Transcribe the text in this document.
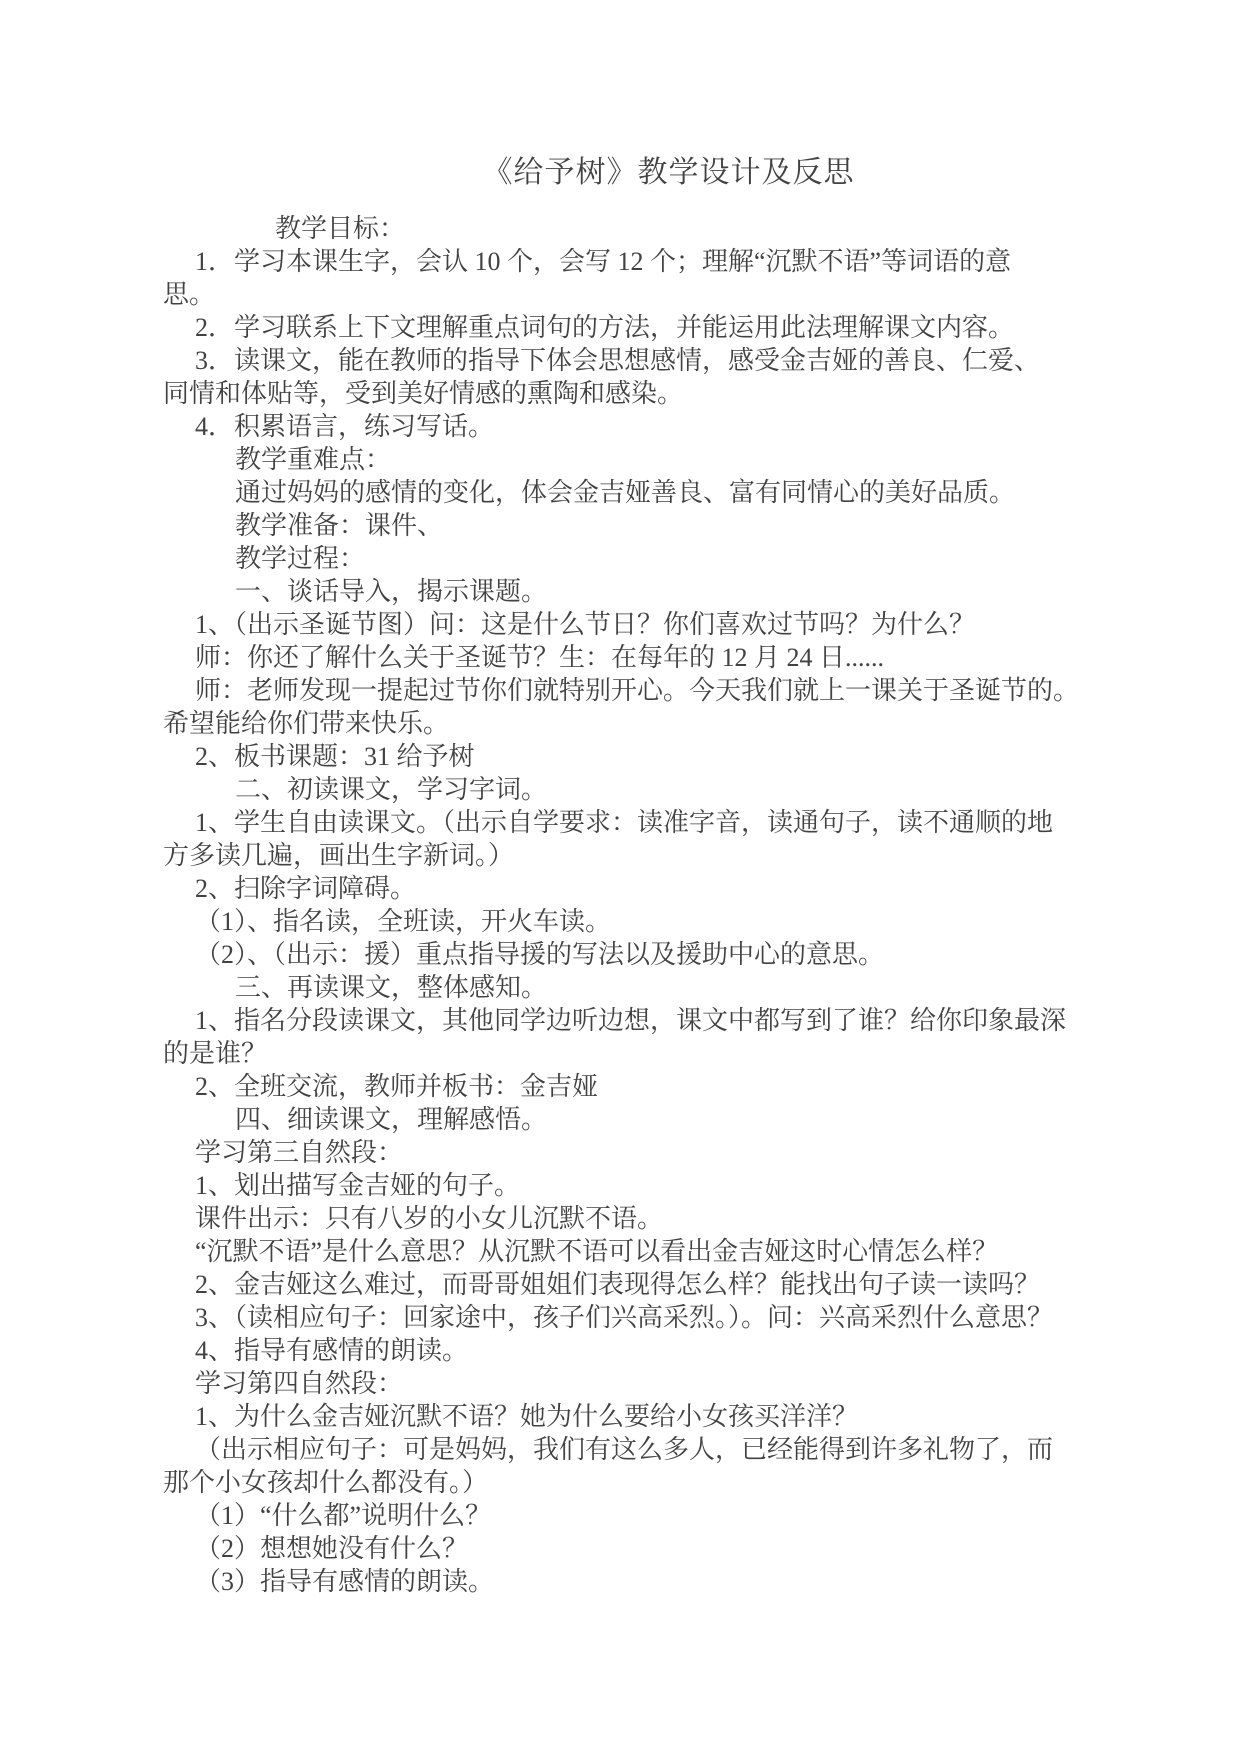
《给予树》教学设计及反思
教学目标：
1．学习本课生字，会认 10 个，会写 12 个；理解“沉默不语”等词语的意
思。
2．学习联系上下文理解重点词句的方法，并能运用此法理解课文内容。
3．读课文，能在教师的指导下体会思想感情，感受金吉娅的善良、仁爱、
同情和体贴等，受到美好情感的熏陶和感染。
4．积累语言，练习写话。
教学重难点：
通过妈妈的感情的变化，体会金吉娅善良、富有同情心的美好品质。
教学准备：课件、
教学过程：
一、谈话导入，揭示课题。
1、（出示圣诞节图）问：这是什么节日？你们喜欢过节吗？为什么？
师：你还了解什么关于圣诞节？生：在每年的 12 月 24 日......
师：老师发现一提起过节你们就特别开心。今天我们就上一课关于圣诞节的。
希望能给你们带来快乐。
2、板书课题：31 给予树
二、初读课文，学习字词。
1、学生自由读课文。（出示自学要求：读准字音，读通句子，读不通顺的地
方多读几遍，画出生字新词。）
2、扫除字词障碍。
（1）、指名读，全班读，开火车读。
（2）、（出示：援）重点指导援的写法以及援助中心的意思。
三、再读课文，整体感知。
1、指名分段读课文，其他同学边听边想，课文中都写到了谁？给你印象最深
的是谁？
2、全班交流，教师并板书：金吉娅
四、细读课文，理解感悟。
学习第三自然段：
1、划出描写金吉娅的句子。
课件出示：只有八岁的小女儿沉默不语。
“沉默不语”是什么意思？从沉默不语可以看出金吉娅这时心情怎么样？
2、金吉娅这么难过，而哥哥姐姐们表现得怎么样？能找出句子读一读吗？
3、（读相应句子：回家途中，孩子们兴高采烈。）。问：兴高采烈什么意思？
4、指导有感情的朗读。
学习第四自然段：
1、为什么金吉娅沉默不语？她为什么要给小女孩买洋洋？
（出示相应句子：可是妈妈，我们有这么多人，已经能得到许多礼物了，而
那个小女孩却什么都没有。）
（1）“什么都”说明什么？
（2）想想她没有什么？
（3）指导有感情的朗读。
